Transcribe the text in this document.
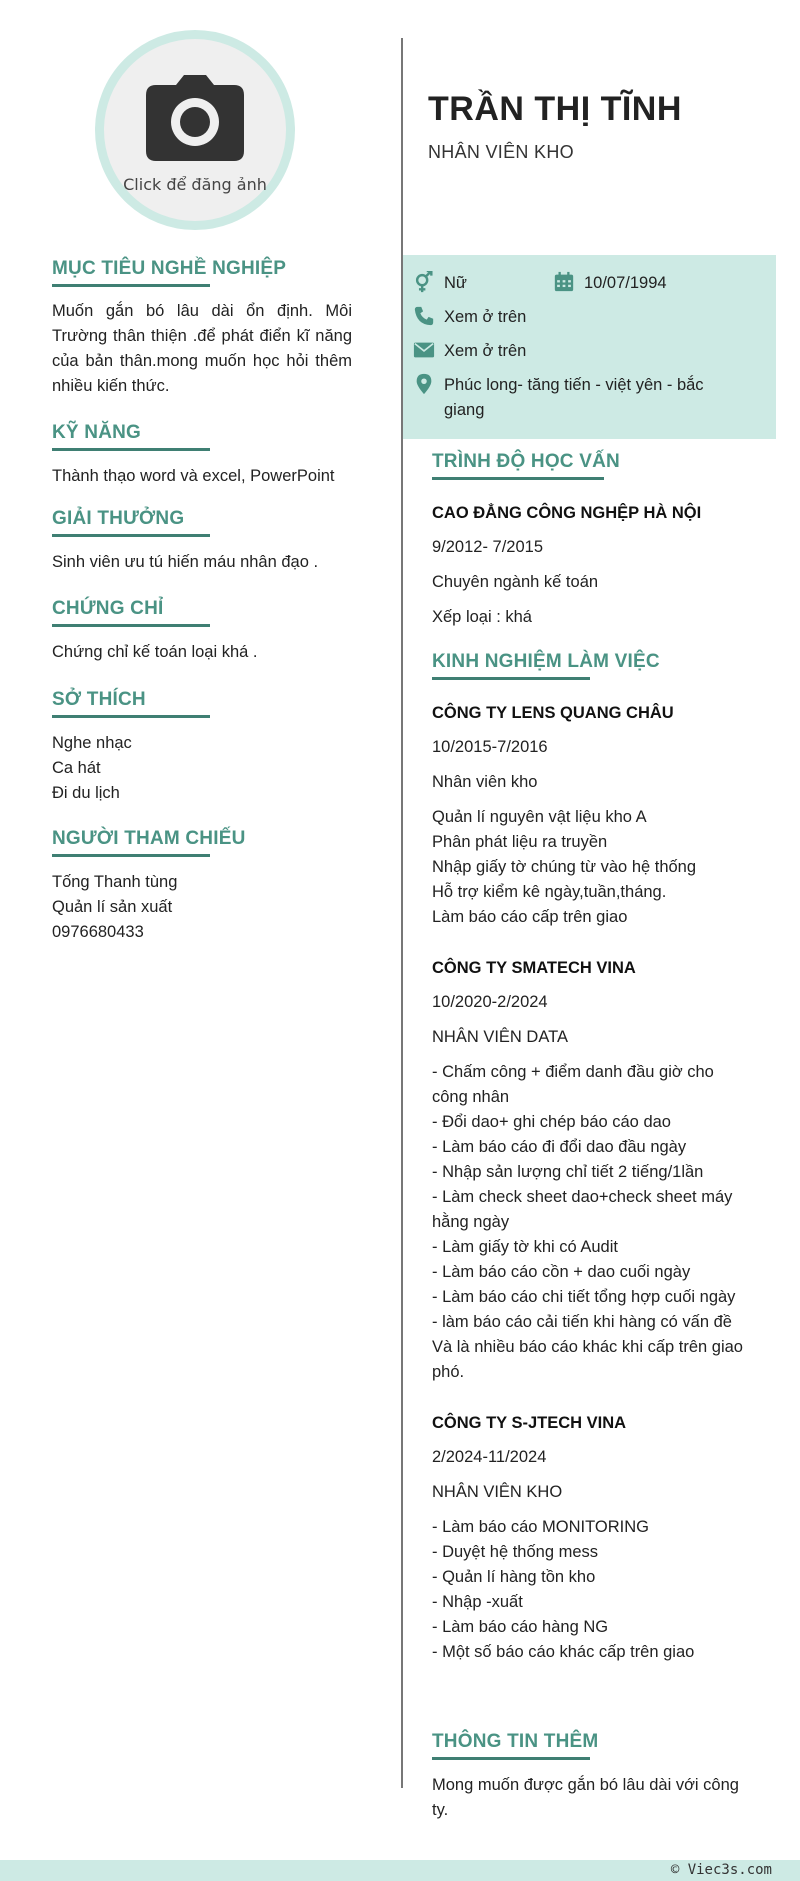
Click để đăng ảnh
MỤC TIÊU NGHỀ NGHIỆP

Muốn gắn bó lâu dài ổn định. Môi Trường thân thiện .để phát điển kĩ năng của bản thân.mong muốn học hỏi thêm nhiều kiến thức.

KỸ NĂNG

Thành thạo word và excel, PowerPoint

GIẢI THƯỞNG

Sinh viên ưu tú hiến máu nhân đạo .

CHỨNG CHỈ

Chứng chỉ kế toán loại khá .

SỞ THÍCH
Nghe nhạc
Ca hát
Đi du lịch
NGƯỜI THAM CHIẾU
Tống Thanh tùng
Quản lí sản xuất
0976680433
TRẦN THỊ TĨNH
NHÂN VIÊN KHO
Nữ	10/07/1994
Xem ở trên
Xem ở trên
Phúc long- tăng tiến - việt yên - bắc
giang
TRÌNH ĐỘ HỌC VẤN
CAO ĐẲNG CÔNG NGHỆP HÀ NỘI
9/2012- 7/2015
Chuyên ngành kế toán
Xếp loại : khá
KINH NGHIỆM LÀM VIỆC
CÔNG TY LENS QUANG CHÂU
10/2015-7/2016
Nhân viên kho
Quản lí nguyên vật liệu kho A
Phân phát liệu ra truyền
Nhập giấy tờ chúng từ vào hệ thống
Hỗ trợ kiểm kê ngày,tuần,tháng.
Làm báo cáo cấp trên giao
CÔNG TY SMATECH VINA
10/2020-2/2024
NHÂN VIÊN DATA
- Chấm công + điểm danh đầu giờ cho
công nhân
- Đổi dao+ ghi chép báo cáo dao
- Làm báo cáo đi đổi dao đầu ngày
- Nhập sản lượng chỉ tiết 2 tiếng/1lần
- Làm check sheet dao+check sheet máy
hằng ngày
- Làm giấy tờ khi có Audit
- Làm báo cáo cồn + dao cuối ngày
- Làm báo cáo chi tiết tổng hợp cuối ngày
- làm báo cáo cải tiến khi hàng có vấn đề
Và là nhiều báo cáo khác khi cấp trên giao
phó.
CÔNG TY S-JTECH VINA
2/2024-11/2024
NHÂN VIÊN KHO
- Làm báo cáo MONITORING
- Duyệt hệ thống mess
- Quản lí hàng tồn kho
- Nhập -xuất
- Làm báo cáo hàng NG
- Một số báo cáo khác cấp trên giao
THÔNG TIN THÊM
Mong muốn được gắn bó lâu dài với công
ty.
© Viec3s.com
